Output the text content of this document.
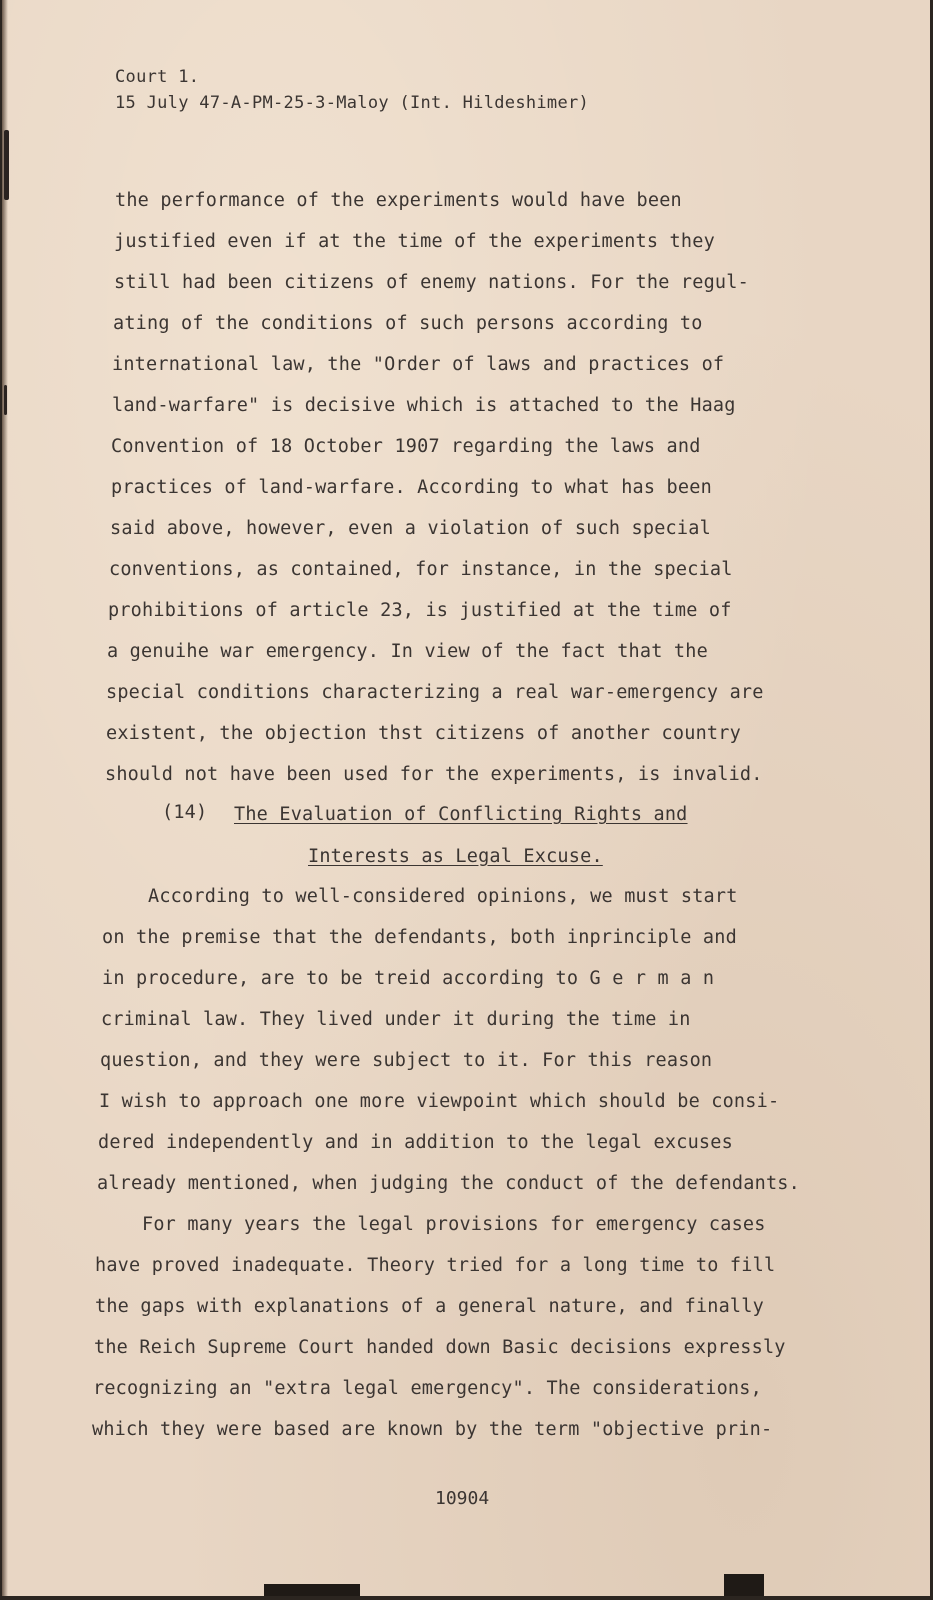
Court 1.
15 July 47-A-PM-25-3-Maloy (Int. Hildeshimer)
the performance of the experiments would have been
justified even if at the time of the experiments they
still had been citizens of enemy nations. For the regul-
ating of the conditions of such persons according to
international law, the "Order of laws and practices of
land-warfare" is decisive which is attached to the Haag
Convention of 18 October 1907 regarding the laws and
practices of land-warfare. According to what has been
said above, however, even a violation of such special
conventions, as contained, for instance, in the special
prohibitions of article 23, is justified at the time of
a genuihe war emergency. In view of the fact that the
special conditions characterizing a real war-emergency are
existent, the objection thst citizens of another country
should not have been used for the experiments, is invalid.
(14) The Evaluation of Conflicting Rights and
Interests as Legal Excuse.
According to well-considered opinions, we must start
on the premise that the defendants, both inprinciple and
in procedure, are to be treid according to G e r m a n
criminal law. They lived under it during the time in
question, and they were subject to it. For this reason
I wish to approach one more viewpoint which should be consi-
dered independently and in addition to the legal excuses
already mentioned, when judging the conduct of the defendants.
For many years the legal provisions for emergency cases
have proved inadequate. Theory tried for a long time to fill
the gaps with explanations of a general nature, and finally
the Reich Supreme Court handed down Basic decisions expressly
recognizing an "extra legal emergency". The considerations,
which they were based are known by the term "objective prin-
10904
